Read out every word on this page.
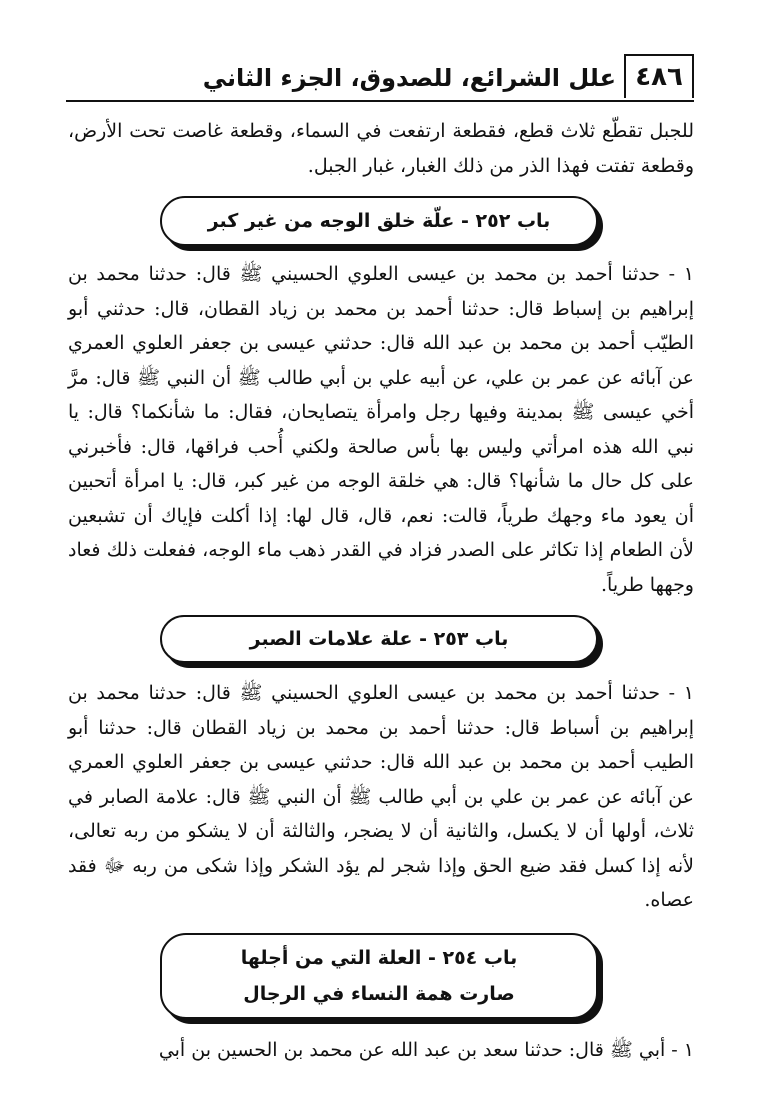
٤٨٦
علل الشرائع، للصدوق، الجزء الثاني
للجبل تقطّع ثلاث قطع، فقطعة ارتفعت في السماء، وقطعة غاصت تحت الأرض، وقطعة تفتت فهذا الذر من ذلك الغبار، غبار الجبل.
باب ٢٥٢ - علّة خلق الوجه من غير كبر
١ - حدثنا أحمد بن محمد بن عيسى العلوي الحسيني ﷺ قال: حدثنا محمد بن إبراهيم بن إسباط قال: حدثنا أحمد بن محمد بن زياد القطان، قال: حدثني أبو الطيّب أحمد بن محمد بن عبد الله قال: حدثني عيسى بن جعفر العلوي العمري عن آبائه عن عمر بن علي، عن أبيه علي بن أبي طالب ﷺ أن النبي ﷺ قال: مرَّ أخي عيسى ﷺ بمدينة وفيها رجل وامرأة يتصايحان، فقال: ما شأنكما؟ قال: يا نبي الله هذه امرأتي وليس بها بأس صالحة ولكني أُحب فراقها، قال: فأخبرني على كل حال ما شأنها؟ قال: هي خلقة الوجه من غير كبر، قال: يا امرأة أتحبين أن يعود ماء وجهك طرياً، قالت: نعم، قال، قال لها: إذا أكلت فإياك أن تشبعين لأن الطعام إذا تكاثر على الصدر فزاد في القدر ذهب ماء الوجه، ففعلت ذلك فعاد وجهها طرياً.
باب ٢٥٣ - علة علامات الصبر
١ - حدثنا أحمد بن محمد بن عيسى العلوي الحسيني ﷺ قال: حدثنا محمد بن إبراهيم بن أسباط قال: حدثنا أحمد بن محمد بن زياد القطان قال: حدثنا أبو الطيب أحمد بن محمد بن عبد الله قال: حدثني عيسى بن جعفر العلوي العمري عن آبائه عن عمر بن علي بن أبي طالب ﷺ أن النبي ﷺ قال: علامة الصابر في ثلاث، أولها أن لا يكسل، والثانية أن لا يضجر، والثالثة أن لا يشكو من ربه تعالى، لأنه إذا كسل فقد ضيع الحق وإذا شجر لم يؤد الشكر وإذا شكى من ربه ﷻ فقد عصاه.
باب ٢٥٤ - العلة التي من أجلها
صارت همة النساء في الرجال
١ - أبي ﷺ قال: حدثنا سعد بن عبد الله عن محمد بن الحسين بن أبي
